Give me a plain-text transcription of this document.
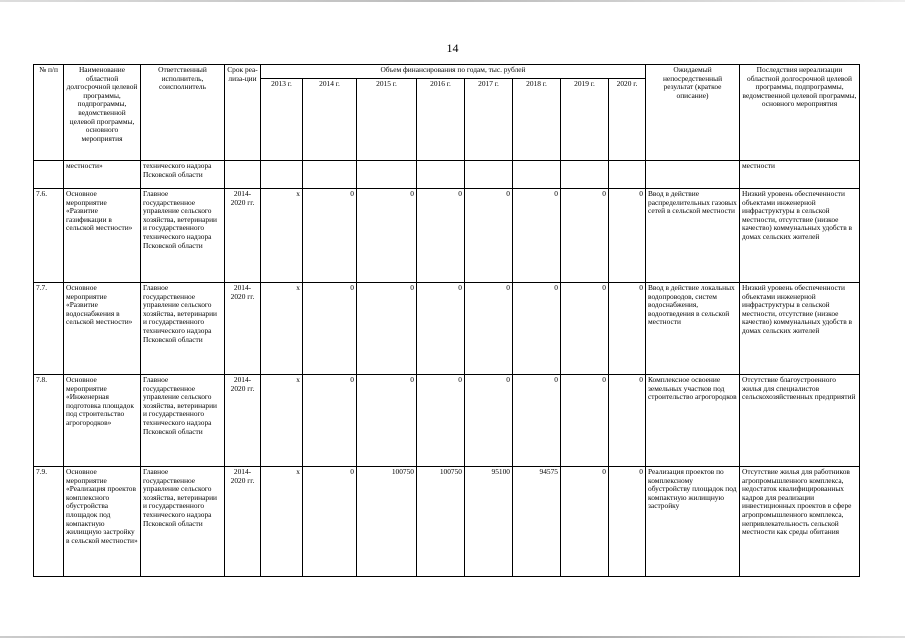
14
№ п/п	Наименование областной долгосрочной целевой программы, подпрограммы, ведомственной целевой программы, основного мероприятия	Ответственный исполнитель, соисполнитель	Срок реа-лиза-ции	Объем финансирования по годам, тыс. рублей								Ожидаемый непосредственный результат (краткое описание)	Последствия нереализации областной долгосрочной целевой программы, подпрограммы, ведомственной целевой программы, основного мероприятия
				2013 г.	2014 г.	2015 г.	2016 г.	2017 г.	2018 г.	2019 г.	2020 г.		
	местности»	технического надзора Псковской области											местности
7.6.	Основное мероприятие «Развитие газификации в сельской местности»	Главное государственное управление сельского хозяйства, ветеринарии и государственного технического надзора Псковской области	2014-2020 гг.	x	0	0	0	0	0	0	0	Ввод в действие распределительных газовых сетей в сельской местности	Низкий уровень обеспеченности объектами инженерной инфраструктуры в сельской местности, отсутствие (низкое качество) коммунальных удобств в домах сельских жителей
7.7.	Основное мероприятие «Развитие водоснабжения в сельской местности»	Главное государственное управление сельского хозяйства, ветеринарии и государственного технического надзора Псковской области	2014-2020 гг.	x	0	0	0	0	0	0	0	Ввод в действие локальных водопроводов, систем водоснабжения, водоотведения в сельской местности	Низкий уровень обеспеченности объектами инженерной инфраструктуры в сельской местности, отсутствие (низкое качество) коммунальных удобств в домах сельских жителей
7.8.	Основное мероприятие «Инженерная подготовка площадок под строительство агрогородков»	Главное государственное управление сельского хозяйства, ветеринарии и государственного технического надзора Псковской области	2014-2020 гг.	x	0	0	0	0	0	0	0	Комплексное освоение земельных участков под строительство агрогородков	Отсутствие благоустроенного жилья для специалистов сельскохозяйственных предприятий
7.9.	Основное мероприятие «Реализация проектов комплексного обустройства площадок под компактную жилищную застройку в сельской местности»	Главное государственное управление сельского хозяйства, ветеринарии и государственного технического надзора Псковской области	2014-2020 гг.	x	0	100750	100750	95100	94575	0	0	Реализация проектов по комплексному обустройству площадок под компактную жилищную застройку	Отсутствие жилья для работников агропромышленного комплекса, недостаток квалифицированных кадров для реализации инвестиционных проектов в сфере агропромышленного комплекса, непривлекательность сельской местности как среды обитания
